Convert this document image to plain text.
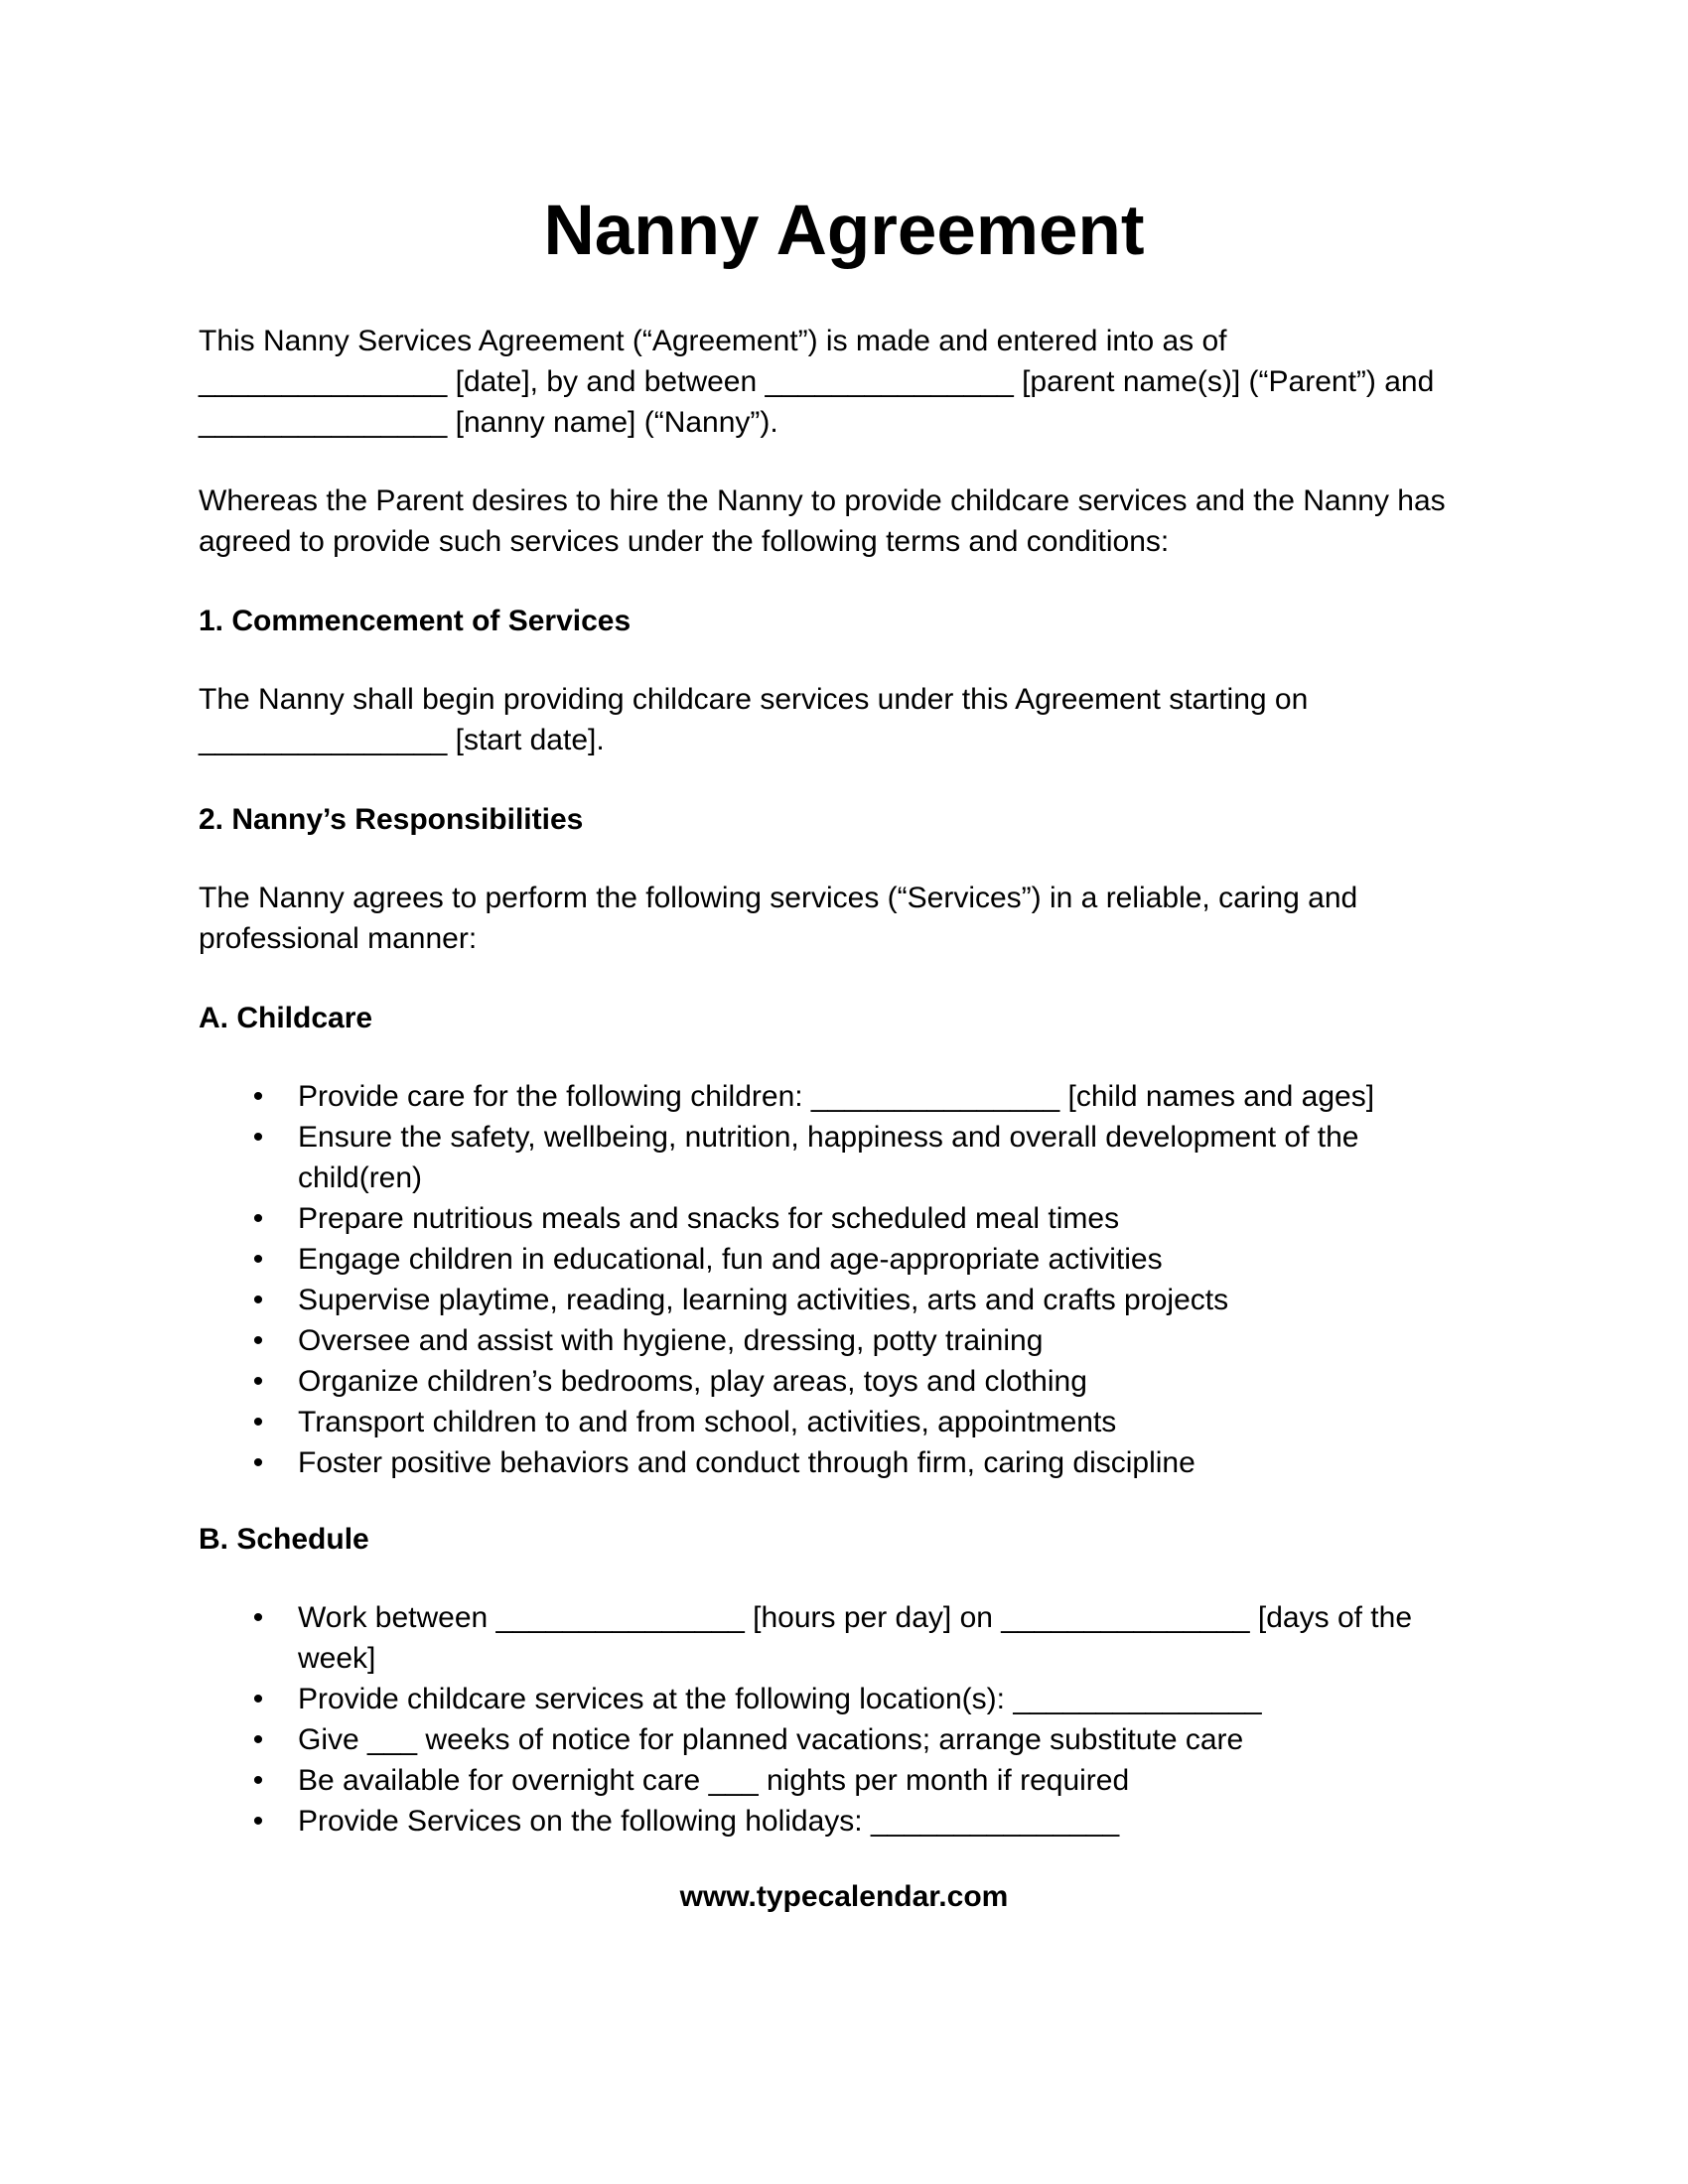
Nanny Agreement
This Nanny Services Agreement (“Agreement”) is made and entered into as of
_______________ [date], by and between _______________ [parent name(s)] (“Parent”) and
_______________ [nanny name] (“Nanny”).
Whereas the Parent desires to hire the Nanny to provide childcare services and the Nanny has
agreed to provide such services under the following terms and conditions:
1. Commencement of Services
The Nanny shall begin providing childcare services under this Agreement starting on
_______________ [start date].
2. Nanny’s Responsibilities
The Nanny agrees to perform the following services (“Services”) in a reliable, caring and
professional manner:
A. Childcare
• Provide care for the following children: _______________ [child names and ages]
• Ensure the safety, wellbeing, nutrition, happiness and overall development of the child(ren)
• Prepare nutritious meals and snacks for scheduled meal times
• Engage children in educational, fun and age-appropriate activities
• Supervise playtime, reading, learning activities, arts and crafts projects
• Oversee and assist with hygiene, dressing, potty training
• Organize children’s bedrooms, play areas, toys and clothing
• Transport children to and from school, activities, appointments
• Foster positive behaviors and conduct through firm, caring discipline
B. Schedule
• Work between _______________ [hours per day] on _______________ [days of the week]
• Provide childcare services at the following location(s): _______________
• Give ___ weeks of notice for planned vacations; arrange substitute care
• Be available for overnight care ___ nights per month if required
• Provide Services on the following holidays: _______________
www.typecalendar.com
